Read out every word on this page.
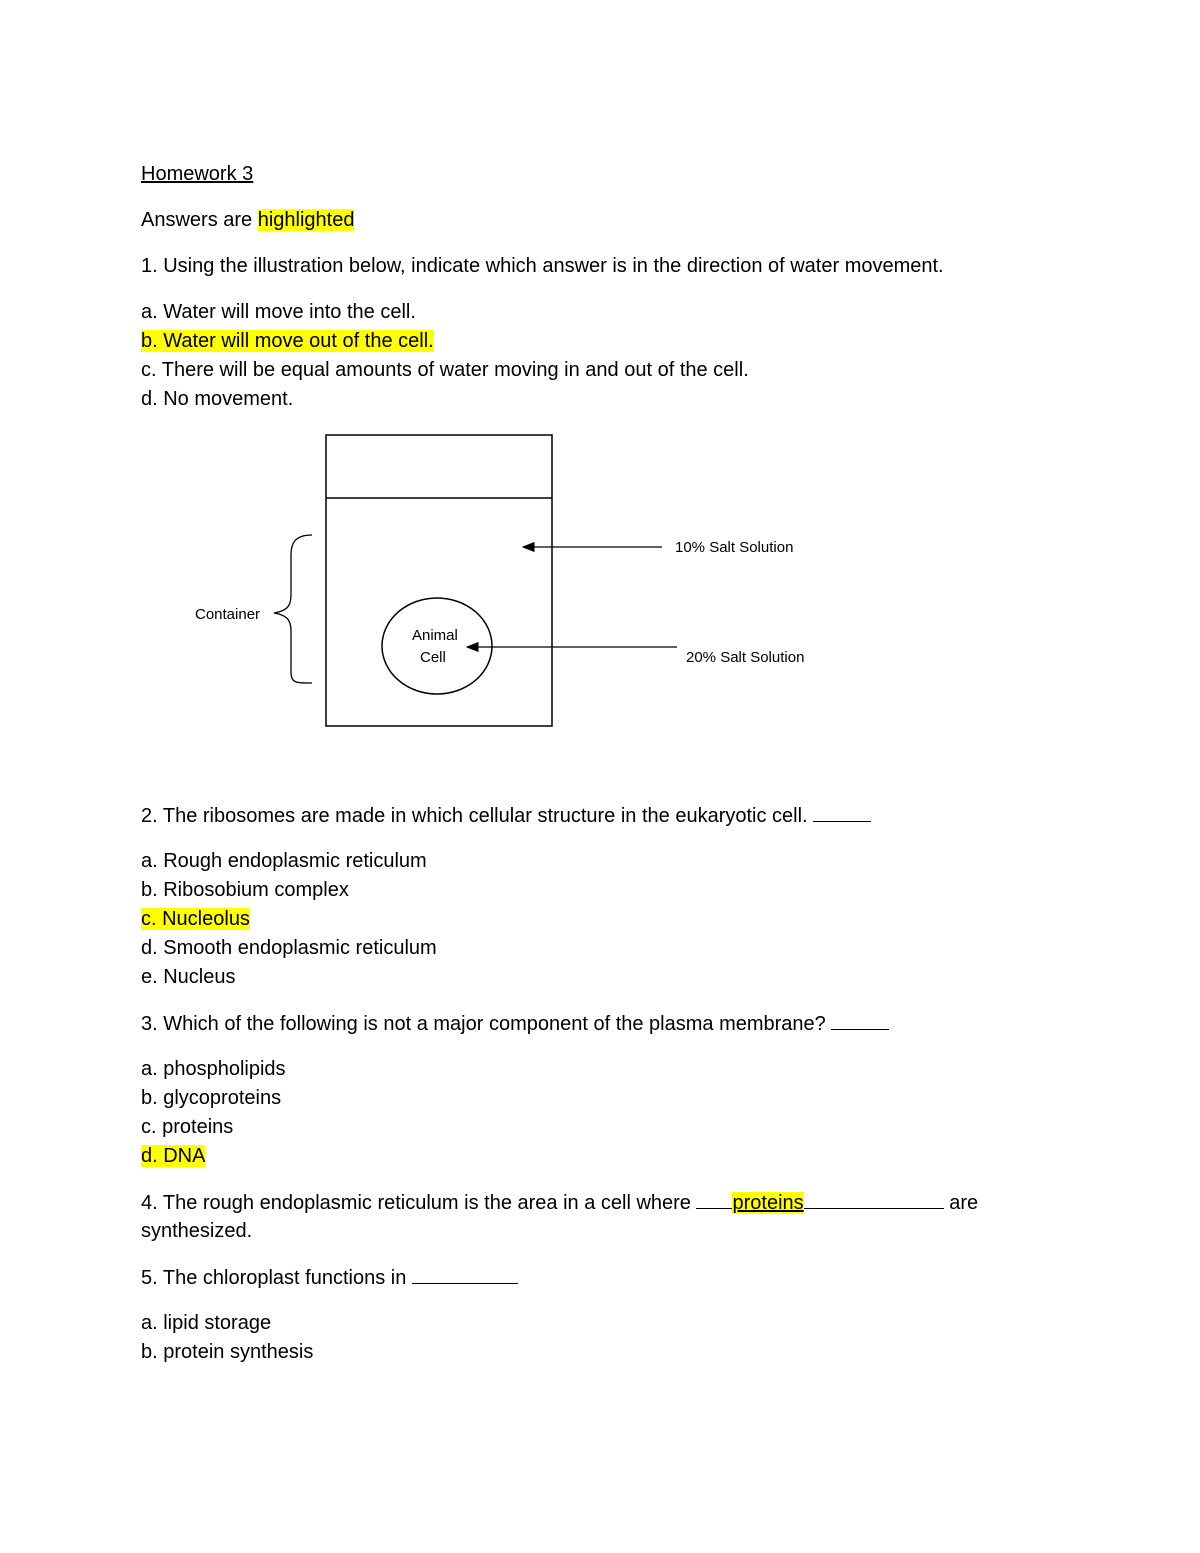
Homework 3
Answers are highlighted
1. Using the illustration below, indicate which answer is in the direction of water movement.
a. Water will move into the cell.
b. Water will move out of the cell.
c. There will be equal amounts of water moving in and out of the cell.
d. No movement.
2. The ribosomes are made in which cellular structure in the eukaryotic cell.
a. Rough endoplasmic reticulum
b. Ribosobium complex
c. Nucleolus
d. Smooth endoplasmic reticulum
e. Nucleus
3. Which of the following is not a major component of the plasma membrane?
a. phospholipids
b. glycoproteins
c. proteins
d. DNA
4. The rough endoplasmic reticulum is the area in a cell where proteins	are
synthesized.
5. The chloroplast functions in
a. lipid storage
b. protein synthesis
Container
Animal
Cell
10% Salt Solution
20% Salt Solution
